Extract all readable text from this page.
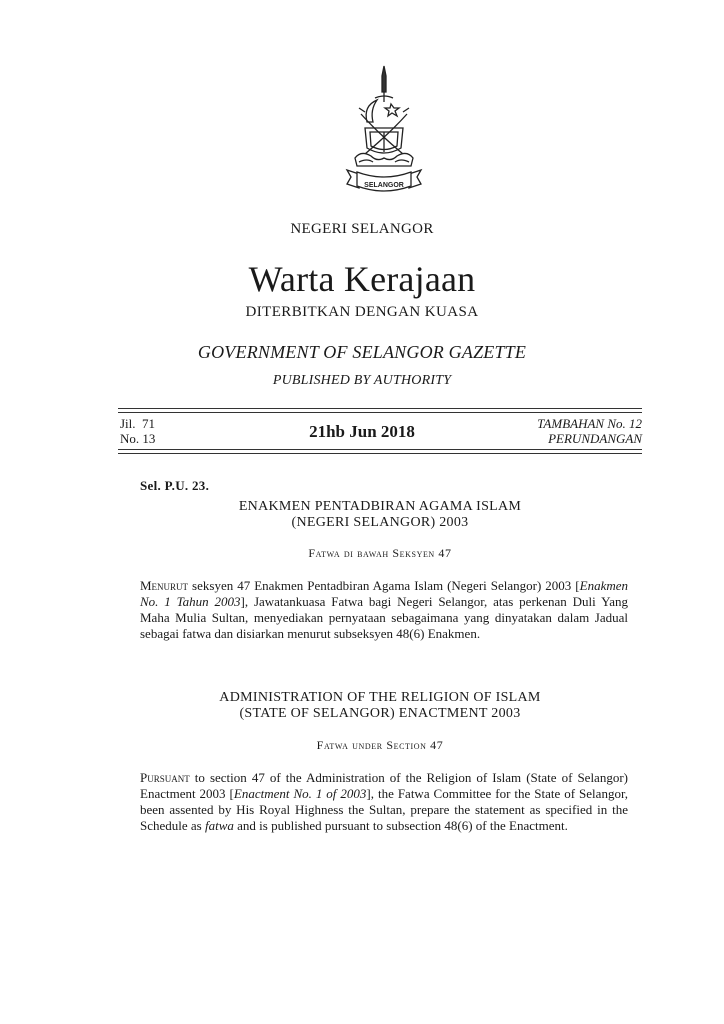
SELANGOR
NEGERI SELANGOR
Warta Kerajaan
DITERBITKAN DENGAN KUASA
GOVERNMENT OF SELANGOR GAZETTE
PUBLISHED BY AUTHORITY
Jil.  71
No. 13	21hb Jun 2018	TAMBAHAN No. 12
PERUNDANGAN
Sel. P.U. 23.
ENAKMEN PENTADBIRAN AGAMA ISLAM
(NEGERI SELANGOR) 2003
Fatwa di bawah Seksyen 47
Menurut seksyen 47 Enakmen Pentadbiran Agama Islam (Negeri Selangor) 2003 [Enakmen No. 1 Tahun 2003], Jawatankuasa Fatwa bagi Negeri Selangor, atas perkenan Duli Yang Maha Mulia Sultan, menyediakan pernyataan sebagaimana yang dinyatakan dalam Jadual sebagai fatwa dan disiarkan menurut subseksyen 48(6) Enakmen.
ADMINISTRATION OF THE RELIGION OF ISLAM
(STATE OF SELANGOR) ENACTMENT 2003
Fatwa under Section 47
Pursuant to section 47 of the Administration of the Religion of Islam (State of Selangor) Enactment 2003 [Enactment No. 1 of 2003], the Fatwa Committee for the State of Selangor, been assented by His Royal Highness the Sultan, prepare the statement as specified in the Schedule as fatwa and is published pursuant to subsection 48(6) of the Enactment.
